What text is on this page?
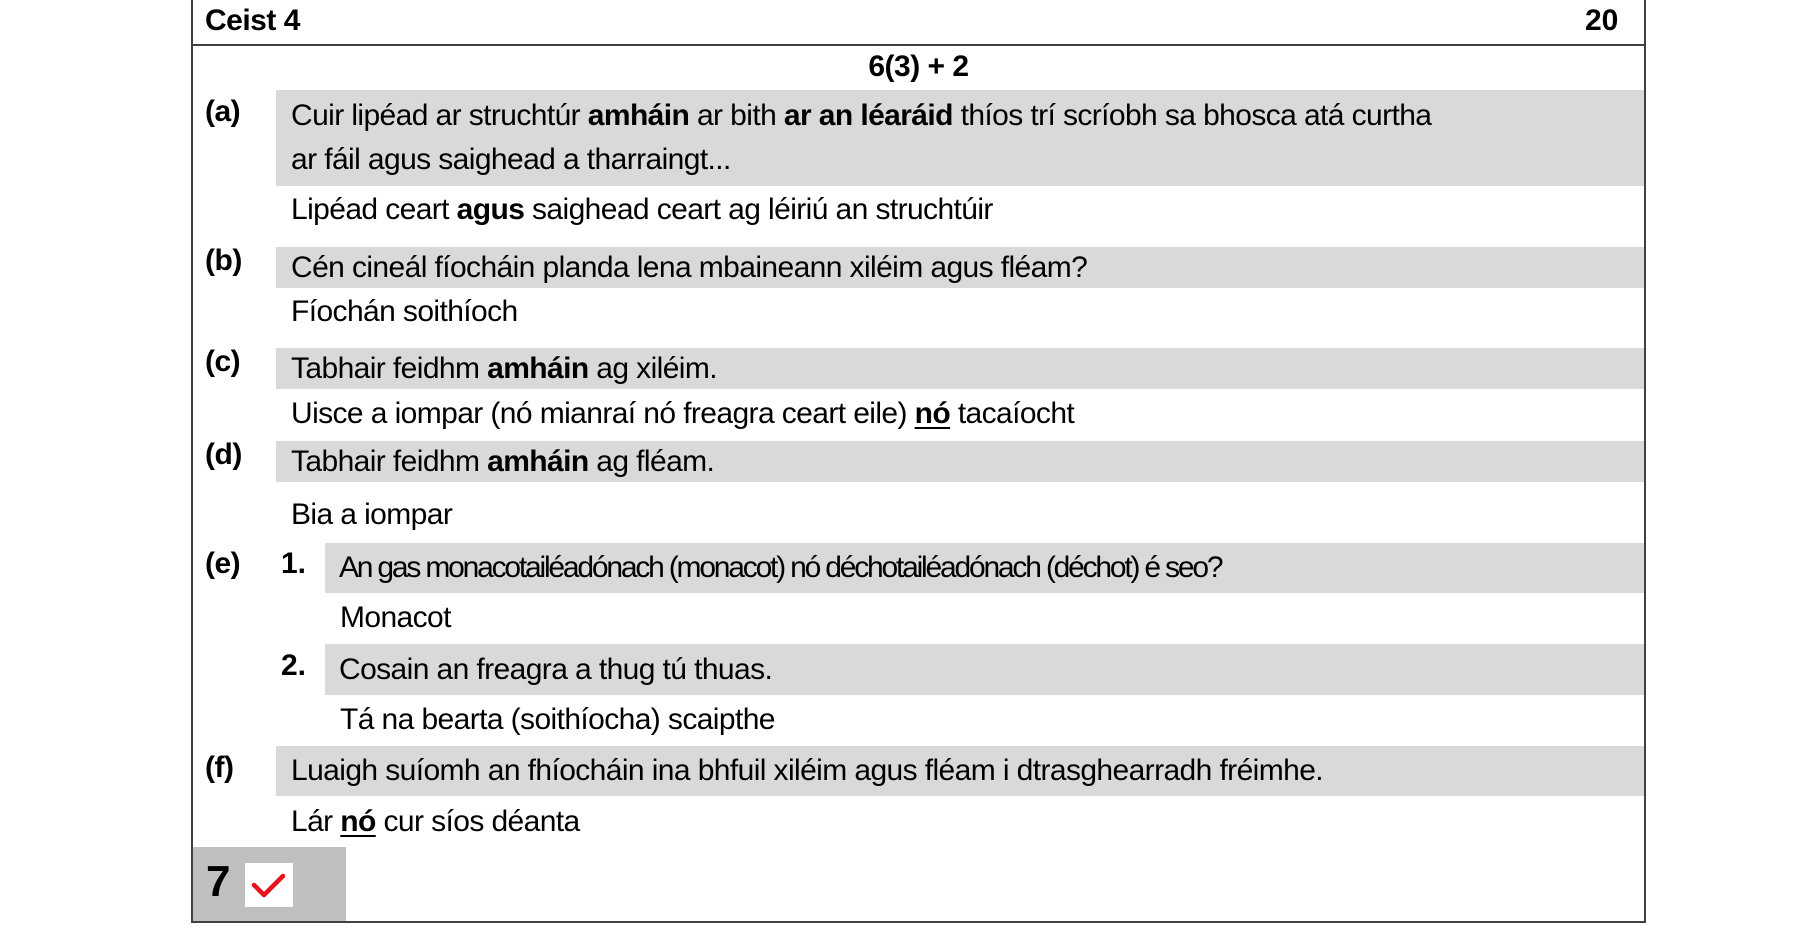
Ceist 4	20
6(3) + 2
(a)	Cuir lipéad ar struchtúr amháin ar bith ar an léaráid thíos trí scríobh sa bhosca atá curtha
ar fáil agus saighead a tharraingt...
Lipéad ceart agus saighead ceart ag léiriú an struchtúir
(b)	Cén cineál fíocháin planda lena mbaineann xiléim agus fléam?
Fíochán soithíoch
(c)	Tabhair feidhm amháin ag xiléim.
Uisce a iompar (nó mianraí nó freagra ceart eile) nó tacaíocht
(d)	Tabhair feidhm amháin ag fléam.
Bia a iompar
(e) 1.	An gas monacotailéadónach (monacot) nó déchotailéadónach (déchot) é seo?
Monacot
2.	Cosain an freagra a thug tú thuas.
Tá na bearta (soithíocha) scaipthe
(f)	Luaigh suíomh an fhíocháin ina bhfuil xiléim agus fléam i dtrasghearradh fréimhe.
Lár nó cur síos déanta
7
